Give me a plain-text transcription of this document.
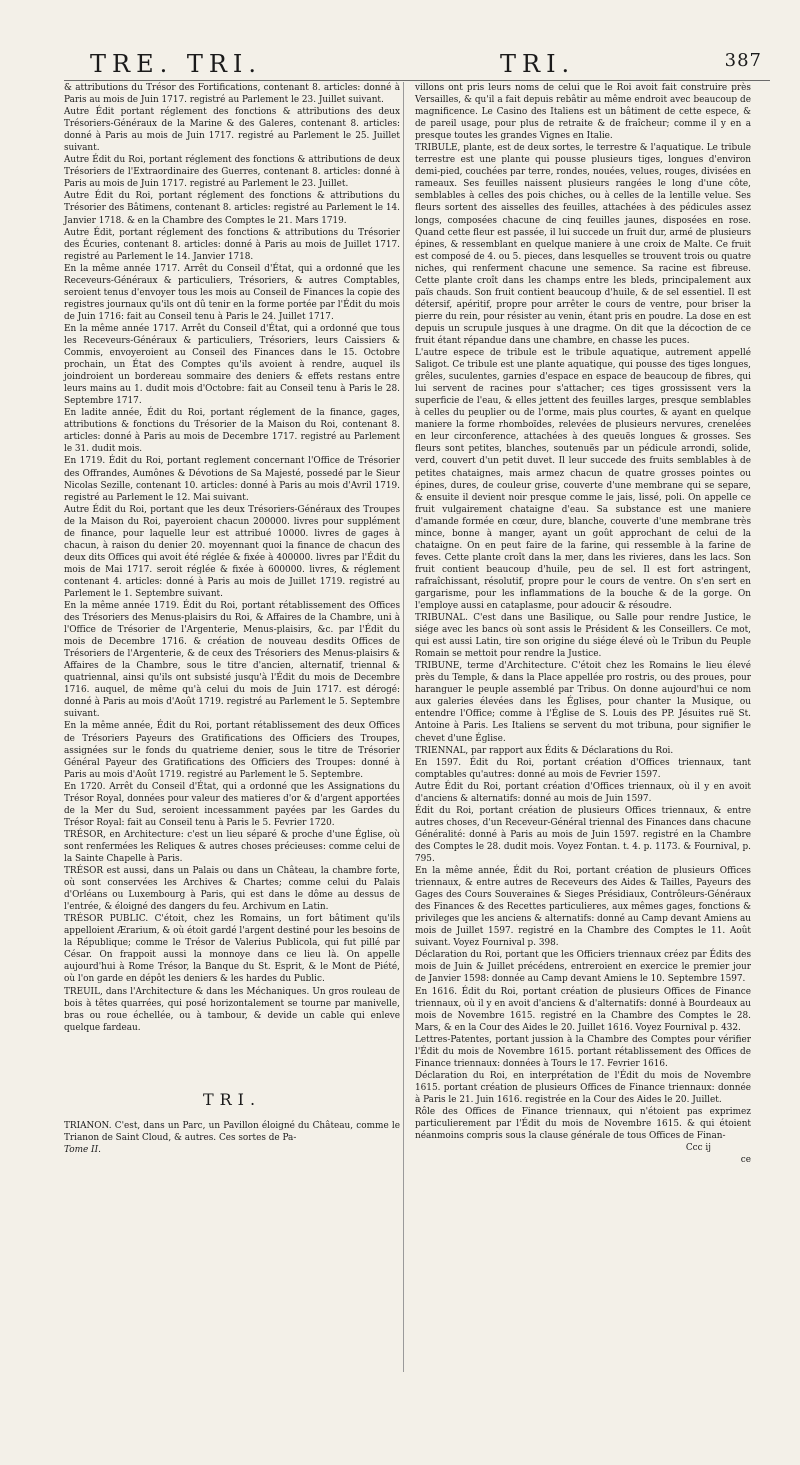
TRE. TRI.	TRI.	387

& attributions du Trésor des Fortifications, contenant 8. articles: donné à Paris au mois de Juin 1717. registré au Parlement le 23. Juillet suivant.

Autre Édit portant réglement des fonctions & attributions des deux Trésoriers-Généraux de la Marine & des Galeres, contenant 8. articles: donné à Paris au mois de Juin 1717. registré au Parlement le 25. Juillet suivant.

Autre Édit du Roi, portant réglement des fonctions & attributions de deux Trésoriers de l'Extraordinaire des Guerres, contenant 8. articles: donné à Paris au mois de Juin 1717. registré au Parlement le 23. Juillet.

Autre Édit du Roi, portant réglement des fonctions & attributions du Trésorier des Bâtimens, contenant 8. articles: registré au Parlement le 14. Janvier 1718. & en la Chambre des Comptes le 21. Mars 1719.

Autre Édit, portant réglement des fonctions & attributions du Trésorier des Écuries, contenant 8. articles: donné à Paris au mois de Juillet 1717. registré au Parlement le 14. Janvier 1718.

En la même année 1717. Arrêt du Conseil d'État, qui a ordonné que les Receveurs-Généraux & particuliers, Trésoriers, & autres Comptables, seroient tenus d'envoyer tous les mois au Conseil de Finances la copie des registres journaux qu'ils ont dû tenir en la forme portée par l'Édit du mois de Juin 1716: fait au Conseil tenu à Paris le 24. Juillet 1717.

En la même année 1717. Arrêt du Conseil d'État, qui a ordonné que tous les Receveurs-Généraux & particuliers, Trésoriers, leurs Caissiers & Commis, envoyeroient au Conseil des Finances dans le 15. Octobre prochain, un État des Comptes qu'ils avoient à rendre, auquel ils joindroient un bordereau sommaire des deniers & effets restans entre leurs mains au 1. dudit mois d'Octobre: fait au Conseil tenu à Paris le 28. Septembre 1717.

En ladite année, Édit du Roi, portant réglement de la finance, gages, attributions & fonctions du Trésorier de la Maison du Roi, contenant 8. articles: donné à Paris au mois de Decembre 1717. registré au Parlement le 31. dudit mois.

En 1719. Édit du Roi, portant reglement concernant l'Office de Trésorier des Offrandes, Aumônes & Dévotions de Sa Majesté, possedé par le Sieur Nicolas Sezille, contenant 10. articles: donné à Paris au mois d'Avril 1719. registré au Parlement le 12. Mai suivant.

Autre Édit du Roi, portant que les deux Trésoriers-Généraux des Troupes de la Maison du Roi, payeroient chacun 200000. livres pour supplément de finance, pour laquelle leur est attribué 10000. livres de gages à chacun, à raison du denier 20. moyennant quoi la finance de chacun des deux dits Offices qui avoit été réglée & fixée à 400000. livres par l'Édit du mois de Mai 1717. seroit réglée & fixée à 600000. livres, & réglement contenant 4. articles: donné à Paris au mois de Juillet 1719. registré au Parlement le 1. Septembre suivant.

En la même année 1719. Édit du Roi, portant rétablissement des Offices des Trésoriers des Menus-plaisirs du Roi, & Affaires de la Chambre, uni à l'Office de Trésorier de l'Argenterie, Menus-plaisirs, &c. par l'Édit du mois de Decembre 1716. & création de nouveau desdits Offices de Trésoriers de l'Argenterie, & de ceux des Trésoriers des Menus-plaisirs & Affaires de la Chambre, sous le titre d'ancien, alternatif, triennal & quatriennal, ainsi qu'ils ont subsisté jusqu'à l'Édit du mois de Decembre 1716. auquel, de même qu'à celui du mois de Juin 1717. est dérogé: donné à Paris au mois d'Août 1719. registré au Parlement le 5. Septembre suivant.

En la même année, Édit du Roi, portant rétablissement des deux Offices de Trésoriers Payeurs des Gratifications des Officiers des Troupes, assignées sur le fonds du quatrieme denier, sous le titre de Trésorier Général Payeur des Gratifications des Officiers des Troupes: donné à Paris au mois d'Août 1719. registré au Parlement le 5. Septembre.

En 1720. Arrêt du Conseil d'État, qui a ordonné que les Assignations du Trésor Royal, données pour valeur des matieres d'or & d'argent apportées de la Mer du Sud, seroient incessamment payées par les Gardes du Trésor Royal: fait au Conseil tenu à Paris le 5. Fevrier 1720.

TRÉSOR, en Architecture: c'est un lieu séparé & proche d'une Église, où sont renfermées les Reliques & autres choses précieuses: comme celui de la Sainte Chapelle à Paris.

TRÉSOR est aussi, dans un Palais ou dans un Château, la chambre forte, où sont conservées les Archives & Chartes; comme celui du Palais d'Orléans ou Luxembourg à Paris, qui est dans le dôme au dessus de l'entrée, & éloigné des dangers du feu. Archivum en Latin.

TRÉSOR PUBLIC. C'étoit, chez les Romains, un fort bâtiment qu'ils appelloient Ærarium, & où étoit gardé l'argent destiné pour les besoins de la République; comme le Trésor de Valerius Publicola, qui fut pillé par César. On frappoit aussi la monnoye dans ce lieu là. On appelle aujourd'hui à Rome Trésor, la Banque du St. Esprit, & le Mont de Piété, où l'on garde en dépôt les deniers & les hardes du Public.

TREUIL, dans l'Architecture & dans les Méchaniques. Un gros rouleau de bois à têtes quarrées, qui posé horizontalement se tourne par manivelle, bras ou roue échellée, ou à tambour, & devide un cable qui enleve quelque fardeau.

TRI.

TRIANON. C'est, dans un Parc, un Pavillon éloigné du Château, comme le Trianon de Saint Cloud, & autres. Ces sortes de Pa-

Tome II.

villons ont pris leurs noms de celui que le Roi avoit fait construire près Versailles, & qu'il a fait depuis rebâtir au même endroit avec beaucoup de magnificence. Le Casino des Italiens est un bâtiment de cette espece, & de pareil usage, pour plus de retraite & de fraîcheur; comme il y en a presque toutes les grandes Vignes en Italie.

TRIBULE, plante, est de deux sortes, le terrestre & l'aquatique. Le tribule terrestre est une plante qui pousse plusieurs tiges, longues d'environ demi-pied, couchées par terre, rondes, nouées, velues, rouges, divisées en rameaux. Ses feuilles naissent plusieurs rangées le long d'une côte, semblables à celles des pois chiches, ou à celles de la lentille velue. Ses fleurs sortent des aisselles des feuilles, attachées à des pédicules assez longs, composées chacune de cinq feuilles jaunes, disposées en rose. Quand cette fleur est passée, il lui succede un fruit dur, armé de plusieurs épines, & ressemblant en quelque maniere à une croix de Malte. Ce fruit est composé de 4. ou 5. pieces, dans lesquelles se trouvent trois ou quatre niches, qui renferment chacune une semence. Sa racine est fibreuse. Cette plante croît dans les champs entre les bleds, principalement aux païs chauds. Son fruit contient beaucoup d'huile, & de sel essentiel. Il est détersif, apéritif, propre pour arrêter le cours de ventre, pour briser la pierre du rein, pour résister au venin, étant pris en poudre. La dose en est depuis un scrupule jusques à une dragme. On dit que la décoction de ce fruit étant répandue dans une chambre, en chasse les puces.

L'autre espece de tribule est le tribule aquatique, autrement appellé Saligot. Ce tribule est une plante aquatique, qui pousse des tiges longues, grêles, suculentes, garnies d'espace en espace de beaucoup de fibres, qui lui servent de racines pour s'attacher; ces tiges grossissent vers la superficie de l'eau, & elles jettent des feuilles larges, presque semblables à celles du peuplier ou de l'orme, mais plus courtes, & ayant en quelque maniere la forme rhomboïdes, relevées de plusieurs nervures, crenelées en leur circonference, attachées à des queuës longues & grosses. Ses fleurs sont petites, blanches, soutenuës par un pédicule arrondi, solide, verd, couvert d'un petit duvet. Il leur succede des fruits semblables à de petites chataignes, mais armez chacun de quatre grosses pointes ou épines, dures, de couleur grise, couverte d'une membrane qui se separe, & ensuite il devient noir presque comme le jais, lissé, poli. On appelle ce fruit vulgairement chataigne d'eau. Sa substance est une maniere d'amande formée en cœur, dure, blanche, couverte d'une membrane très mince, bonne à manger, ayant un goût approchant de celui de la chataigne. On en peut faire de la farine, qui ressemble à la farine de feves. Cette plante croît dans la mer, dans les rivieres, dans les lacs. Son fruit contient beaucoup d'huile, peu de sel. Il est fort astringent, rafraîchissant, résolutif, propre pour le cours de ventre. On s'en sert en gargarisme, pour les inflammations de la bouche & de la gorge. On l'employe aussi en cataplasme, pour adoucir & résoudre.

TRIBUNAL. C'est dans une Basilique, ou Salle pour rendre Justice, le siége avec les bancs où sont assis le Président & les Conseillers. Ce mot, qui est aussi Latin, tire son origine du siége élevé où le Tribun du Peuple Romain se mettoit pour rendre la Justice.

TRIBUNE, terme d'Architecture. C'étoit chez les Romains le lieu élevé près du Temple, & dans la Place appellée pro rostris, ou des proues, pour haranguer le peuple assemblé par Tribus. On donne aujourd'hui ce nom aux galeries élevées dans les Églises, pour chanter la Musique, ou entendre l'Office; comme à l'Église de S. Louis des PP. Jésuites ruë St. Antoine à Paris. Les Italiens se servent du mot tribuna, pour signifier le chevet d'une Église.

TRIENNAL, par rapport aux Édits & Déclarations du Roi.

En 1597. Édit du Roi, portant création d'Offices triennaux, tant comptables qu'autres: donné au mois de Fevrier 1597.

Autre Édit du Roi, portant création d'Offices triennaux, où il y en avoit d'anciens & alternatifs: donné au mois de Juin 1597.

Édit du Roi, portant création de plusieurs Offices triennaux, & entre autres choses, d'un Receveur-Général triennal des Finances dans chacune Généralité: donné à Paris au mois de Juin 1597. registré en la Chambre des Comptes le 28. dudit mois. Voyez Fontan. t. 4. p. 1173. & Fournival, p. 795.

En la même année, Édit du Roi, portant création de plusieurs Offices triennaux, & entre autres de Receveurs des Aides & Tailles, Payeurs des Gages des Cours Souveraines & Sieges Présidiaux, Contrôleurs-Généraux des Finances & des Recettes particulieres, aux mêmes gages, fonctions & privileges que les anciens & alternatifs: donné au Camp devant Amiens au mois de Juillet 1597. registré en la Chambre des Comptes le 11. Août suivant. Voyez Fournival p. 398.

Déclaration du Roi, portant que les Officiers triennaux créez par Édits des mois de Juin & Juillet précédens, entreroient en exercice le premier jour de Janvier 1598: donnée au Camp devant Amiens le 10. Septembre 1597.

En 1616. Édit du Roi, portant création de plusieurs Offices de Finance triennaux, où il y en avoit d'anciens & d'alternatifs: donné à Bourdeaux au mois de Novembre 1615. registré en la Chambre des Comptes le 28. Mars, & en la Cour des Aides le 20. Juillet 1616. Voyez Fournival p. 432.

Lettres-Patentes, portant jussion à la Chambre des Comptes pour vérifier l'Édit du mois de Novembre 1615. portant rétablissement des Offices de Finance triennaux: données à Tours le 17. Fevrier 1616.

Déclaration du Roi, en interprétation de l'Édit du mois de Novembre 1615. portant création de plusieurs Offices de Finance triennaux: donnée à Paris le 21. Juin 1616. registrée en la Cour des Aides le 20. Juillet.

Rôle des Offices de Finance triennaux, qui n'étoient pas exprimez particulierement par l'Édit du mois de Novembre 1615. & qui étoient néanmoins compris sous la clause générale de tous Offices de Finan-

Ccc ij
ce
